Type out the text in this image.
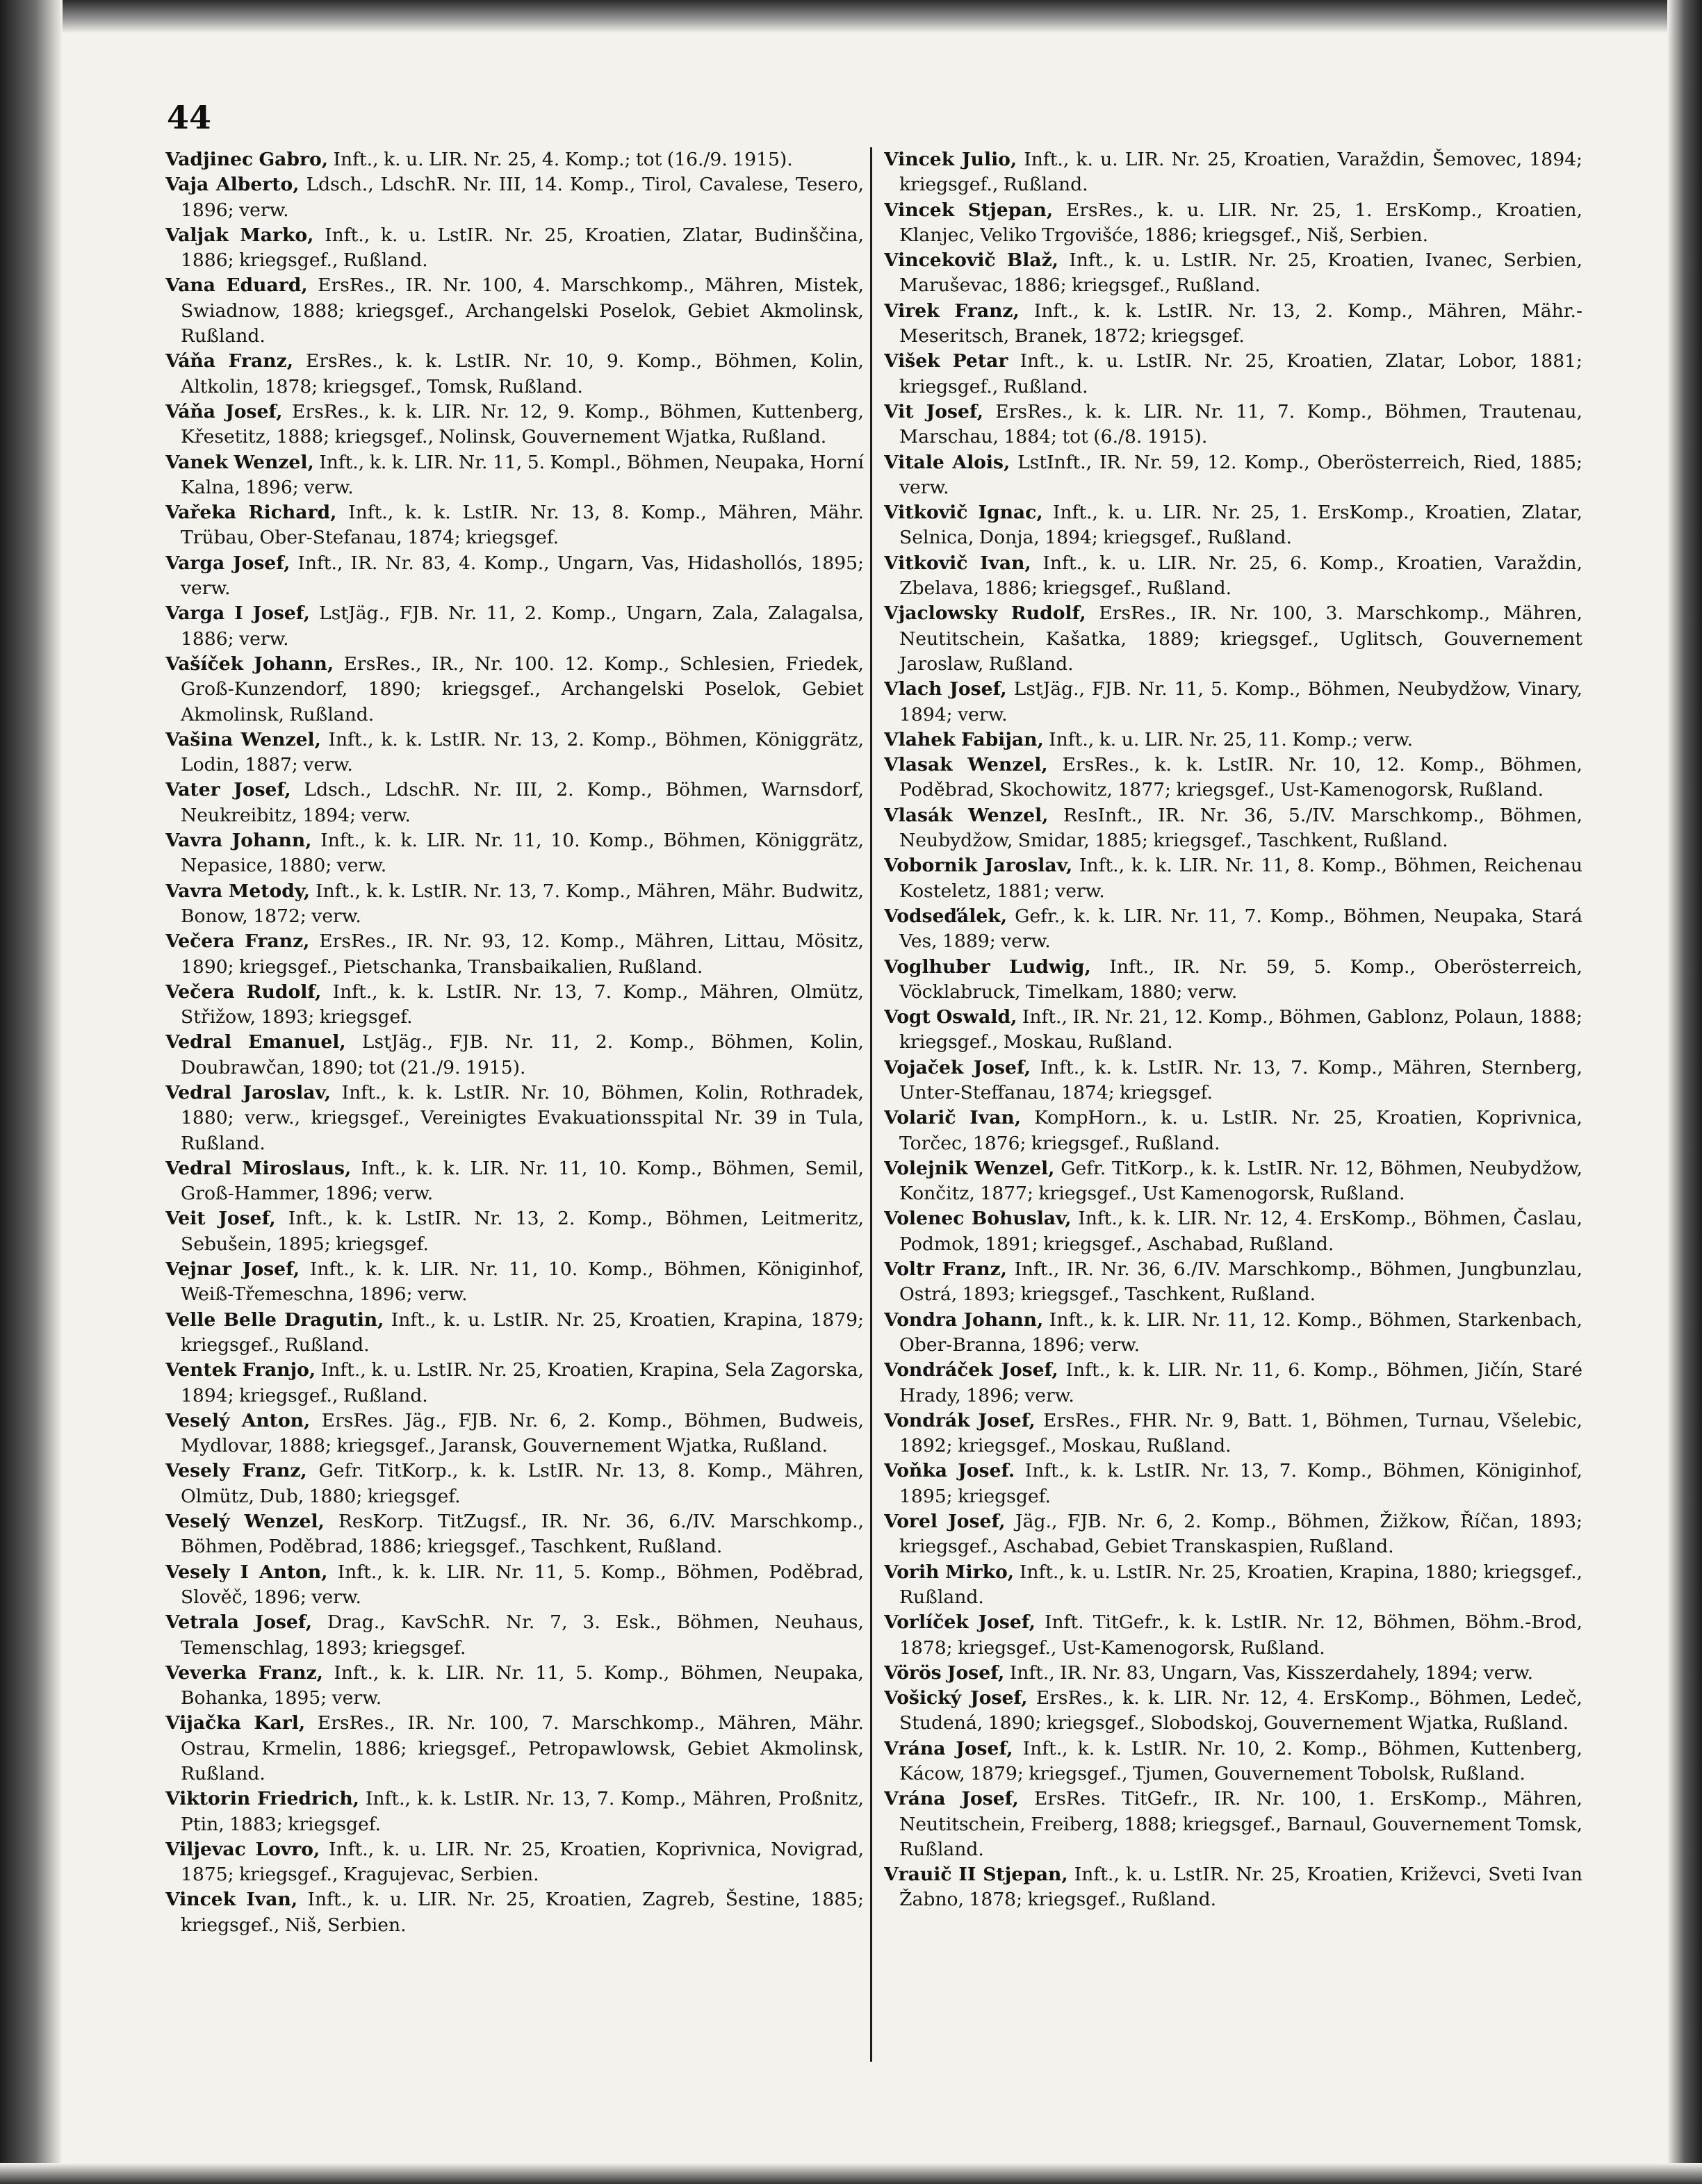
44

Vadjinec Gabro, Inft., k. u. LIR. Nr. 25, 4. Komp.; tot (16./9. 1915).

Vaja Alberto, Ldsch., LdschR. Nr. III, 14. Komp., Tirol, Cavalese, Tesero, 1896; verw.

Valjak Marko, Inft., k. u. LstIR. Nr. 25, Kroatien, Zlatar, Budinščina, 1886; kriegsgef., Rußland.

Vana Eduard, ErsRes., IR. Nr. 100, 4. Marschkomp., Mähren, Mistek, Swiadnow, 1888; kriegsgef., Archangelski Poselok, Gebiet Akmolinsk, Rußland.

Váňa Franz, ErsRes., k. k. LstIR. Nr. 10, 9. Komp., Böhmen, Kolin, Altkolin, 1878; kriegsgef., Tomsk, Rußland.

Váňa Josef, ErsRes., k. k. LIR. Nr. 12, 9. Komp., Böhmen, Kuttenberg, Křesetitz, 1888; kriegsgef., Nolinsk, Gouvernement Wjatka, Rußland.

Vanek Wenzel, Inft., k. k. LIR. Nr. 11, 5. Kompl., Böhmen, Neupaka, Horní Kalna, 1896; verw.

Vařeka Richard, Inft., k. k. LstIR. Nr. 13, 8. Komp., Mähren, Mähr. Trübau, Ober-Stefanau, 1874; kriegsgef.

Varga Josef, Inft., IR. Nr. 83, 4. Komp., Ungarn, Vas, Hidashollós, 1895; verw.

Varga I Josef, LstJäg., FJB. Nr. 11, 2. Komp., Ungarn, Zala, Zalagalsa, 1886; verw.

Vašíček Johann, ErsRes., IR., Nr. 100. 12. Komp., Schlesien, Friedek, Groß-Kunzendorf, 1890; kriegsgef., Archangelski Poselok, Gebiet Akmolinsk, Rußland.

Vašina Wenzel, Inft., k. k. LstIR. Nr. 13, 2. Komp., Böhmen, Königgrätz, Lodin, 1887; verw.

Vater Josef, Ldsch., LdschR. Nr. III, 2. Komp., Böhmen, Warnsdorf, Neukreibitz, 1894; verw.

Vavra Johann, Inft., k. k. LIR. Nr. 11, 10. Komp., Böhmen, Königgrätz, Nepasice, 1880; verw.

Vavra Metody, Inft., k. k. LstIR. Nr. 13, 7. Komp., Mähren, Mähr. Budwitz, Bonow, 1872; verw.

Večera Franz, ErsRes., IR. Nr. 93, 12. Komp., Mähren, Littau, Mösitz, 1890; kriegsgef., Pietschanka, Transbaikalien, Rußland.

Večera Rudolf, Inft., k. k. LstIR. Nr. 13, 7. Komp., Mähren, Olmütz, Střižow, 1893; kriegsgef.

Vedral Emanuel, LstJäg., FJB. Nr. 11, 2. Komp., Böhmen, Kolin, Doubrawčan, 1890; tot (21./9. 1915).

Vedral Jaroslav, Inft., k. k. LstIR. Nr. 10, Böhmen, Kolin, Rothradek, 1880; verw., kriegsgef., Vereinigtes Evakuationsspital Nr. 39 in Tula, Rußland.

Vedral Miroslaus, Inft., k. k. LIR. Nr. 11, 10. Komp., Böhmen, Semil, Groß-Hammer, 1896; verw.

Veit Josef, Inft., k. k. LstIR. Nr. 13, 2. Komp., Böhmen, Leitmeritz, Sebušein, 1895; kriegsgef.

Vejnar Josef, Inft., k. k. LIR. Nr. 11, 10. Komp., Böhmen, Königinhof, Weiß-Třemeschna, 1896; verw.

Velle Belle Dragutin, Inft., k. u. LstIR. Nr. 25, Kroatien, Krapina, 1879; kriegsgef., Rußland.

Ventek Franjo, Inft., k. u. LstIR. Nr. 25, Kroatien, Krapina, Sela Zagorska, 1894; kriegsgef., Rußland.

Veselý Anton, ErsRes. Jäg., FJB. Nr. 6, 2. Komp., Böhmen, Budweis, Mydlovar, 1888; kriegsgef., Jaransk, Gouvernement Wjatka, Rußland.

Vesely Franz, Gefr. TitKorp., k. k. LstIR. Nr. 13, 8. Komp., Mähren, Olmütz, Dub, 1880; kriegsgef.

Veselý Wenzel, ResKorp. TitZugsf., IR. Nr. 36, 6./IV. Marschkomp., Böhmen, Poděbrad, 1886; kriegsgef., Taschkent, Rußland.

Vesely I Anton, Inft., k. k. LIR. Nr. 11, 5. Komp., Böhmen, Poděbrad, Slověč, 1896; verw.

Vetrala Josef, Drag., KavSchR. Nr. 7, 3. Esk., Böhmen, Neuhaus, Temenschlag, 1893; kriegsgef.

Veverka Franz, Inft., k. k. LIR. Nr. 11, 5. Komp., Böhmen, Neupaka, Bohanka, 1895; verw.

Vijačka Karl, ErsRes., IR. Nr. 100, 7. Marschkomp., Mähren, Mähr. Ostrau, Krmelin, 1886; kriegsgef., Petropawlowsk, Gebiet Akmolinsk, Rußland.

Viktorin Friedrich, Inft., k. k. LstIR. Nr. 13, 7. Komp., Mähren, Proßnitz, Ptin, 1883; kriegsgef.

Viljevac Lovro, Inft., k. u. LIR. Nr. 25, Kroatien, Koprivnica, Novigrad, 1875; kriegsgef., Kragujevac, Serbien.

Vincek Ivan, Inft., k. u. LIR. Nr. 25, Kroatien, Zagreb, Šestine, 1885; kriegsgef., Niš, Serbien.

Vincek Julio, Inft., k. u. LIR. Nr. 25, Kroatien, Varaždin, Šemovec, 1894; kriegsgef., Rußland.

Vincek Stjepan, ErsRes., k. u. LIR. Nr. 25, 1. ErsKomp., Kroatien, Klanjec, Veliko Trgovišće, 1886; kriegsgef., Niš, Serbien.

Vincekovič Blaž, Inft., k. u. LstIR. Nr. 25, Kroatien, Ivanec, Serbien, Maruševac, 1886; kriegsgef., Rußland.

Virek Franz, Inft., k. k. LstIR. Nr. 13, 2. Komp., Mähren, Mähr.-Meseritsch, Branek, 1872; kriegsgef.

Višek Petar Inft., k. u. LstIR. Nr. 25, Kroatien, Zlatar, Lobor, 1881; kriegsgef., Rußland.

Vit Josef, ErsRes., k. k. LIR. Nr. 11, 7. Komp., Böhmen, Trautenau, Marschau, 1884; tot (6./8. 1915).

Vitale Alois, LstInft., IR. Nr. 59, 12. Komp., Oberösterreich, Ried, 1885; verw.

Vitkovič Ignac, Inft., k. u. LIR. Nr. 25, 1. ErsKomp., Kroatien, Zlatar, Selnica, Donja, 1894; kriegsgef., Rußland.

Vitkovič Ivan, Inft., k. u. LIR. Nr. 25, 6. Komp., Kroatien, Varaždin, Zbelava, 1886; kriegsgef., Rußland.

Vjaclowsky Rudolf, ErsRes., IR. Nr. 100, 3. Marschkomp., Mähren, Neutitschein, Kašatka, 1889; kriegsgef., Uglitsch, Gouvernement Jaroslaw, Rußland.

Vlach Josef, LstJäg., FJB. Nr. 11, 5. Komp., Böhmen, Neubydžow, Vinary, 1894; verw.

Vlahek Fabijan, Inft., k. u. LIR. Nr. 25, 11. Komp.; verw.

Vlasak Wenzel, ErsRes., k. k. LstIR. Nr. 10, 12. Komp., Böhmen, Poděbrad, Skochowitz, 1877; kriegsgef., Ust-Kamenogorsk, Rußland.

Vlasák Wenzel, ResInft., IR. Nr. 36, 5./IV. Marschkomp., Böhmen, Neubydžow, Smidar, 1885; kriegsgef., Taschkent, Rußland.

Vobornik Jaroslav, Inft., k. k. LIR. Nr. 11, 8. Komp., Böhmen, Reichenau Kosteletz, 1881; verw.

Vodseďálek, Gefr., k. k. LIR. Nr. 11, 7. Komp., Böhmen, Neupaka, Stará Ves, 1889; verw.

Voglhuber Ludwig, Inft., IR. Nr. 59, 5. Komp., Oberösterreich, Vöcklabruck, Timelkam, 1880; verw.

Vogt Oswald, Inft., IR. Nr. 21, 12. Komp., Böhmen, Gablonz, Polaun, 1888; kriegsgef., Moskau, Rußland.

Vojaček Josef, Inft., k. k. LstIR. Nr. 13, 7. Komp., Mähren, Sternberg, Unter-Steffanau, 1874; kriegsgef.

Volarič Ivan, KompHorn., k. u. LstIR. Nr. 25, Kroatien, Koprivnica, Torčec, 1876; kriegsgef., Rußland.

Volejnik Wenzel, Gefr. TitKorp., k. k. LstIR. Nr. 12, Böhmen, Neubydžow, Končitz, 1877; kriegsgef., Ust Kamenogorsk, Rußland.

Volenec Bohuslav, Inft., k. k. LIR. Nr. 12, 4. ErsKomp., Böhmen, Časlau, Podmok, 1891; kriegsgef., Aschabad, Rußland.

Voltr Franz, Inft., IR. Nr. 36, 6./IV. Marschkomp., Böhmen, Jungbunzlau, Ostrá, 1893; kriegsgef., Taschkent, Rußland.

Vondra Johann, Inft., k. k. LIR. Nr. 11, 12. Komp., Böhmen, Starkenbach, Ober-Branna, 1896; verw.

Vondráček Josef, Inft., k. k. LIR. Nr. 11, 6. Komp., Böhmen, Jičín, Staré Hrady, 1896; verw.

Vondrák Josef, ErsRes., FHR. Nr. 9, Batt. 1, Böhmen, Turnau, Všelebic, 1892; kriegsgef., Moskau, Rußland.

Voňka Josef. Inft., k. k. LstIR. Nr. 13, 7. Komp., Böhmen, Königinhof, 1895; kriegsgef.

Vorel Josef, Jäg., FJB. Nr. 6, 2. Komp., Böhmen, Žižkow, Říčan, 1893; kriegsgef., Aschabad, Gebiet Transkaspien, Rußland.

Vorih Mirko, Inft., k. u. LstIR. Nr. 25, Kroatien, Krapina, 1880; kriegsgef., Rußland.

Vorlíček Josef, Inft. TitGefr., k. k. LstIR. Nr. 12, Böhmen, Böhm.-Brod, 1878; kriegsgef., Ust-Kamenogorsk, Rußland.

Vörös Josef, Inft., IR. Nr. 83, Ungarn, Vas, Kisszerdahely, 1894; verw.

Vošický Josef, ErsRes., k. k. LIR. Nr. 12, 4. ErsKomp., Böhmen, Ledeč, Studená, 1890; kriegsgef., Slobodskoj, Gouvernement Wjatka, Rußland.

Vrána Josef, Inft., k. k. LstIR. Nr. 10, 2. Komp., Böhmen, Kuttenberg, Kácow, 1879; kriegsgef., Tjumen, Gouvernement Tobolsk, Rußland.

Vrána Josef, ErsRes. TitGefr., IR. Nr. 100, 1. ErsKomp., Mähren, Neutitschein, Freiberg, 1888; kriegsgef., Barnaul, Gouvernement Tomsk, Rußland.

Vrauič II Stjepan, Inft., k. u. LstIR. Nr. 25, Kroatien, Križevci, Sveti Ivan Žabno, 1878; kriegsgef., Rußland.
